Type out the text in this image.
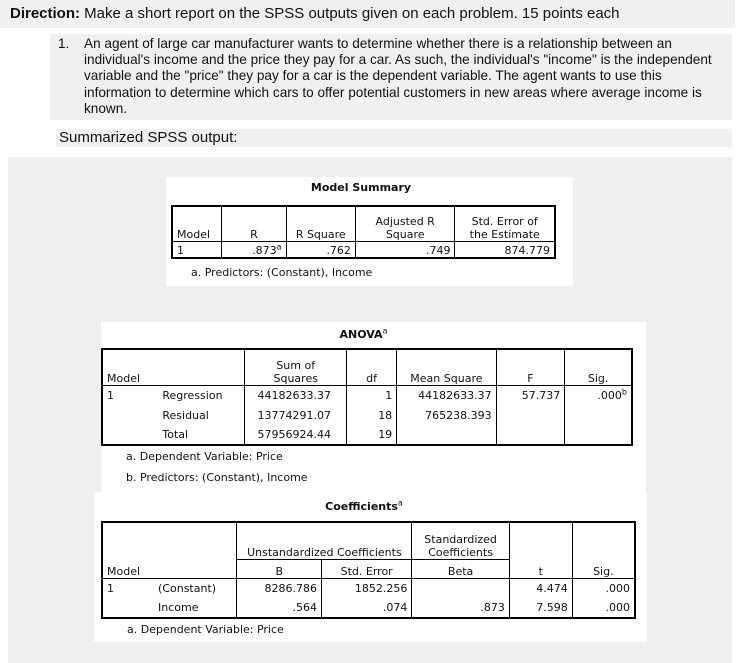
Direction: Make a short report on the SPSS outputs given on each problem. 15 points each
1. An agent of large car manufacturer wants to determine whether there is a relationship between an individual's income and the price they pay for a car. As such, the individual's "income" is the independent variable and the "price" they pay for a car is the dependent variable. The agent wants to use this information to determine which cars to offer potential customers in new areas where average income is known.
Summarized SPSS output:
Model Summary
Model	R	R Square	Adjusted R
Square	Std. Error of
the Estimate
1	.873$^a$	.762	.749	874.779
a. Predictors: (Constant), Income
ANOVA$^a$
Model		Sum of
Squares	df	Mean Square	F	Sig.
1	Regression	44182633.37	1	44182633.37	57.737	.000$^b$
	Residual	13774291.07	18	765238.393		
	Total	57956924.44	19			
a. Dependent Variable: Price
b. Predictors: (Constant), Income
Coefficients$^a$
Model		Unstandardized Coefficients		Standardized
Coefficients	t	Sig.
		B	Std. Error	Beta		
1	(Constant)	8286.786	1852.256		4.474	.000
	Income	.564	.074	.873	7.598	.000
a. Dependent Variable: Price
